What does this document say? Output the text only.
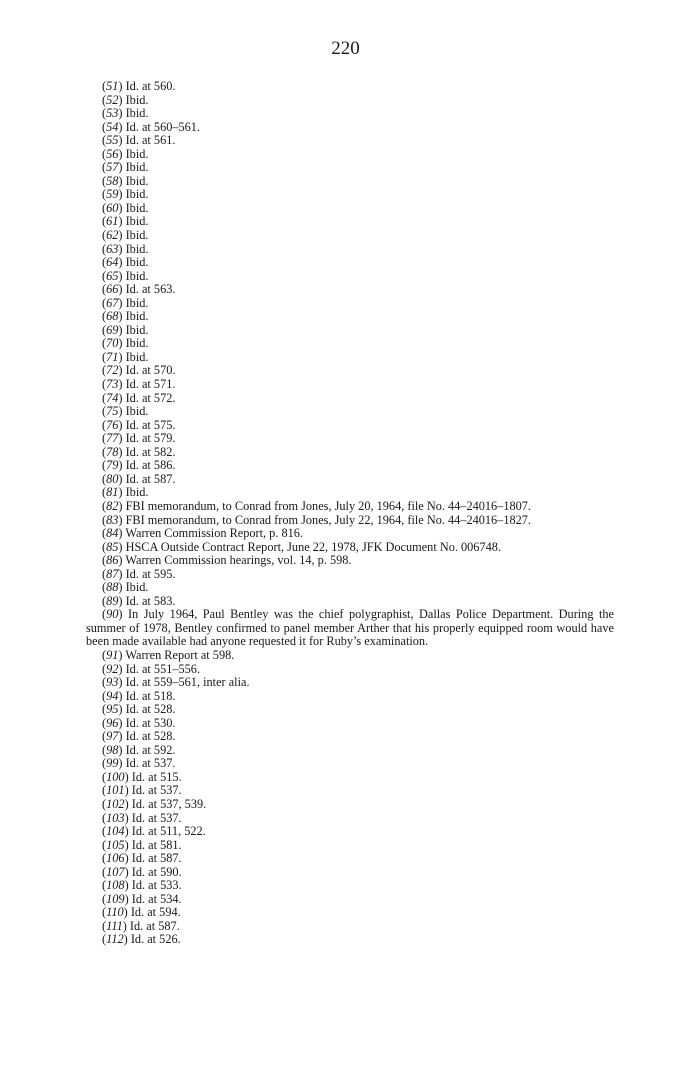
220
(51) Id. at 560.
(52) Ibid.
(53) Ibid.
(54) Id. at 560–561.
(55) Id. at 561.
(56) Ibid.
(57) Ibid.
(58) Ibid.
(59) Ibid.
(60) Ibid.
(61) Ibid.
(62) Ibid.
(63) Ibid.
(64) Ibid.
(65) Ibid.
(66) Id. at 563.
(67) Ibid.
(68) Ibid.
(69) Ibid.
(70) Ibid.
(71) Ibid.
(72) Id. at 570.
(73) Id. at 571.
(74) Id. at 572.
(75) Ibid.
(76) Id. at 575.
(77) Id. at 579.
(78) Id. at 582.
(79) Id. at 586.
(80) Id. at 587.
(81) Ibid.
(82) FBI memorandum, to Conrad from Jones, July 20, 1964, file No. 44–24016–1807.
(83) FBI memorandum, to Conrad from Jones, July 22, 1964, file No. 44–24016–1827.
(84) Warren Commission Report, p. 816.
(85) HSCA Outside Contract Report, June 22, 1978, JFK Document No. 006748.
(86) Warren Commission hearings, vol. 14, p. 598.
(87) Id. at 595.
(88) Ibid.
(89) Id. at 583.
(90) In July 1964, Paul Bentley was the chief polygraphist, Dallas Police Department. During the summer of 1978, Bentley confirmed to panel member Arther that his properly equipped room would have been made available had anyone requested it for Ruby’s examination.
(91) Warren Report at 598.
(92) Id. at 551–556.
(93) Id. at 559–561, inter alia.
(94) Id. at 518.
(95) Id. at 528.
(96) Id. at 530.
(97) Id. at 528.
(98) Id. at 592.
(99) Id. at 537.
(100) Id. at 515.
(101) Id. at 537.
(102) Id. at 537, 539.
(103) Id. at 537.
(104) Id. at 511, 522.
(105) Id. at 581.
(106) Id. at 587.
(107) Id. at 590.
(108) Id. at 533.
(109) Id. at 534.
(110) Id. at 594.
(111) Id. at 587.
(112) Id. at 526.
